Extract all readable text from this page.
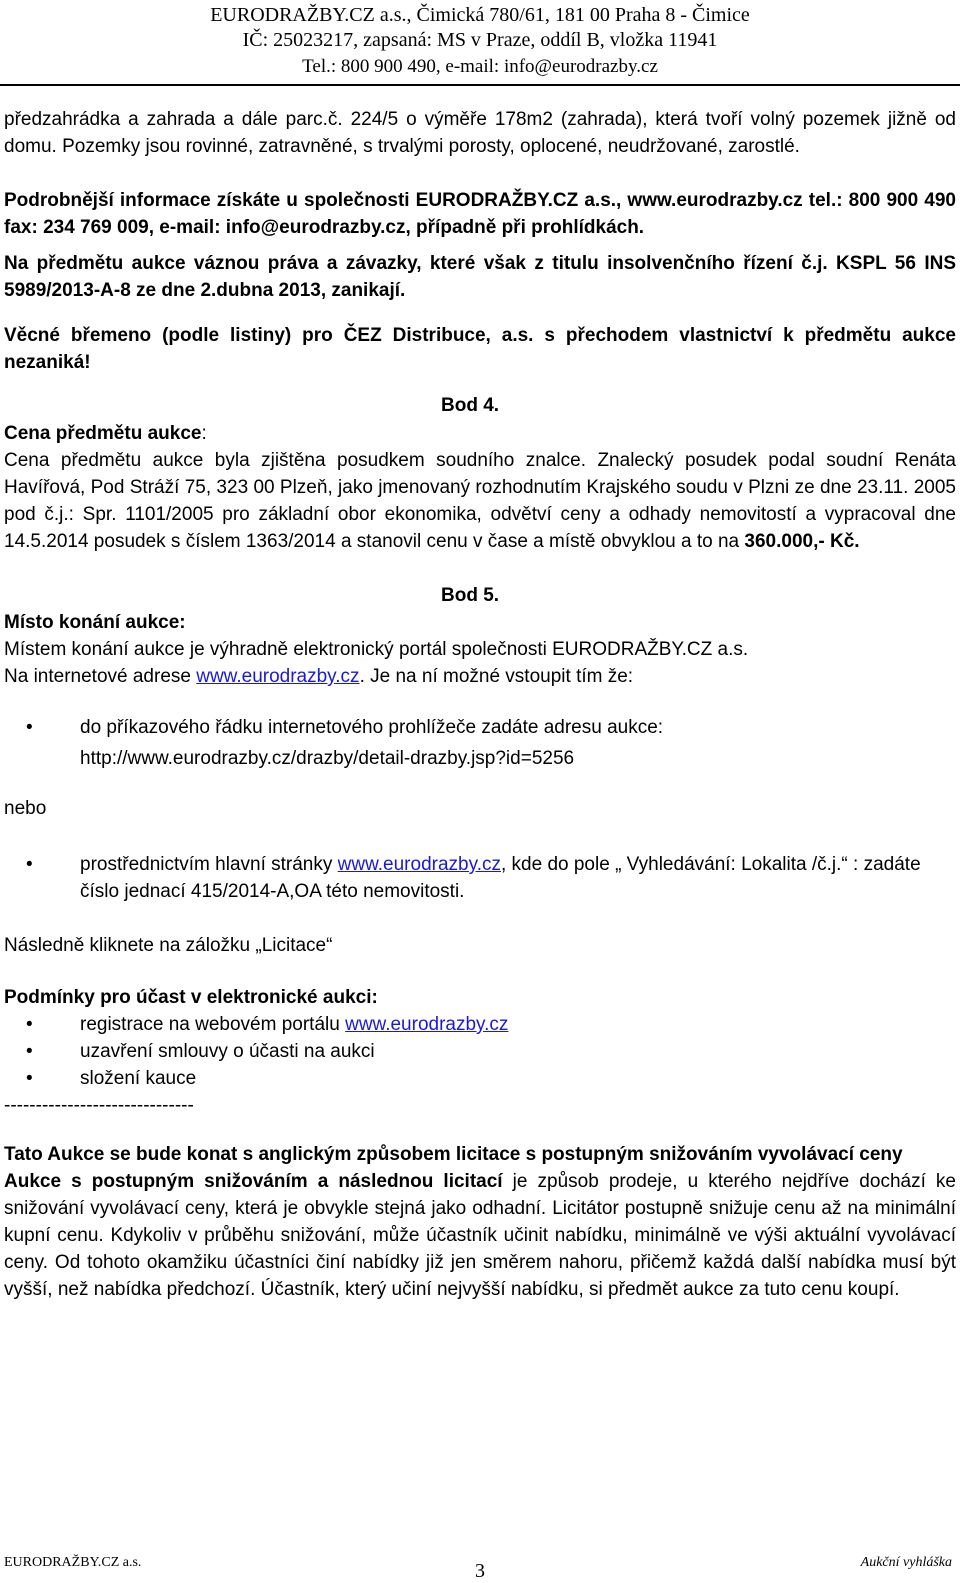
EURODRAŽBY.CZ a.s., Čimická 780/61, 181 00 Praha 8 - Čimice
IČ: 25023217, zapsaná: MS v Praze, oddíl B, vložka 11941
Tel.: 800 900 490, e-mail: info@eurodrazby.cz

předzahrádka a zahrada a dále parc.č. 224/5 o výměře 178m2 (zahrada), která tvoří volný pozemek jižně od domu. Pozemky jsou rovinné, zatravněné, s trvalými porosty, oplocené, neudržované, zarostlé.

Podrobnější informace získáte u společnosti EURODRAŽBY.CZ a.s., www.eurodrazby.cz tel.: 800 900 490 fax: 234 769 009, e-mail: info@eurodrazby.cz, případně při prohlídkách.

Na předmětu aukce váznou práva a závazky, které však z titulu insolvenčního řízení č.j. KSPL 56 INS 5989/2013-A-8 ze dne 2.dubna 2013, zanikají.

Věcné břemeno (podle listiny) pro ČEZ Distribuce, a.s. s přechodem vlastnictví k předmětu aukce nezaniká!

Bod 4.

Cena předmětu aukce:

Cena předmětu aukce byla zjištěna posudkem soudního znalce. Znalecký posudek podal soudní Renáta Havířová, Pod Stráží 75, 323 00 Plzeň, jako jmenovaný rozhodnutím Krajského soudu v Plzni ze dne 23.11. 2005 pod č.j.: Spr. 1101/2005 pro základní obor ekonomika, odvětví ceny a odhady nemovitostí a vypracoval dne 14.5.2014 posudek s číslem 1363/2014 a stanovil cenu v čase a místě obvyklou a to na 360.000,- Kč.

Bod 5.

Místo konání aukce:

Místem konání aukce je výhradně elektronický portál společnosti EURODRAŽBY.CZ a.s.

Na internetové adrese www.eurodrazby.cz. Je na ní možné vstoupit tím že:

• do příkazového řádku internetového prohlížeče zadáte adresu aukce:
http://www.eurodrazby.cz/drazby/detail-drazby.jsp?id=5256

nebo

• prostřednictvím hlavní stránky www.eurodrazby.cz, kde do pole „ Vyhledávání: Lokalita /č.j.“ : zadáte číslo jednací 415/2014-A,OA této nemovitosti.

Následně kliknete na záložku „Licitace“

Podmínky pro účast v elektronické aukci:

• registrace na webovém portálu www.eurodrazby.cz
• uzavření smlouvy o účasti na aukci
• složení kauce

------------------------------

Tato Aukce se bude konat s anglickým způsobem licitace s postupným snižováním vyvolávací ceny

Aukce s postupným snižováním a následnou licitací je způsob prodeje, u kterého nejdříve dochází ke snižování vyvolávací ceny, která je obvykle stejná jako odhadní. Licitátor postupně snižuje cenu až na minimální kupní cenu. Kdykoliv v průběhu snižování, může účastník učinit nabídku, minimálně ve výši aktuální vyvolávací ceny. Od tohoto okamžiku účastníci činí nabídky již jen směrem nahoru, přičemž každá další nabídka musí být vyšší, než nabídka předchozí. Účastník, který učiní nejvyšší nabídku, si předmět aukce za tuto cenu koupí.

EURODRAŽBY.CZ a.s.	3	Aukční vyhláška
